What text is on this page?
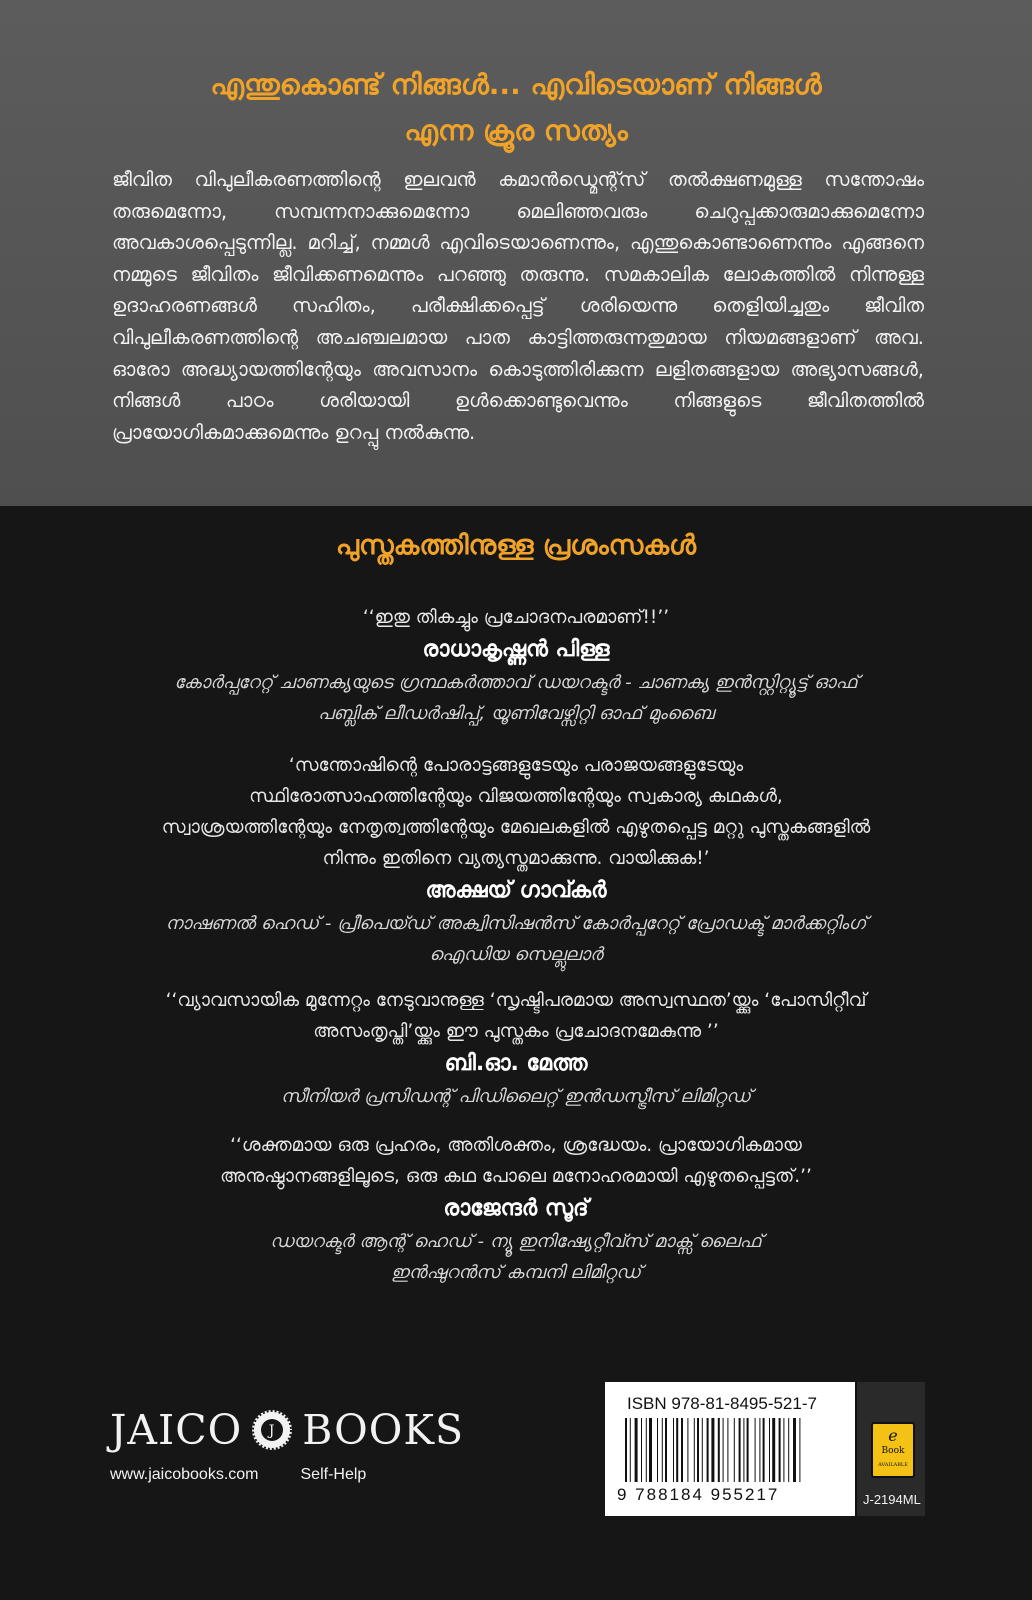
എന്തുകൊണ്ട് നിങ്ങൾ... എവിടെയാണ് നിങ്ങൾ
എന്ന ക്രൂര സത്യം
ജീവിത വിപുലീകരണത്തിന്റെ ഇലവൻ കമാൻഡ്മെന്റ്സ് തൽക്ഷണമുള്ള സന്തോഷം തരുമെന്നോ, സമ്പന്നനാക്കുമെന്നോ മെലിഞ്ഞവരും ചെറുപ്പക്കാരുമാക്കുമെന്നോ അവകാശപ്പെടുന്നില്ല. മറിച്ച്, നമ്മൾ എവിടെയാണെന്നും, എന്തുകൊണ്ടാണെന്നും എങ്ങനെ നമ്മുടെ ജീവിതം ജീവിക്കണമെന്നും പറഞ്ഞു തരുന്നു. സമകാലിക ലോകത്തിൽ നിന്നുള്ള ഉദാഹരണങ്ങൾ സഹിതം, പരീക്ഷിക്കപ്പെട്ട് ശരിയെന്നു തെളിയിച്ചതും ജീവിത വിപുലീകരണത്തിന്റെ അചഞ്ചലമായ പാത കാട്ടിത്തരുന്നതുമായ നിയമങ്ങളാണ് അവ. ഓരോ അദ്ധ്യായത്തിന്റേയും അവസാനം കൊടുത്തിരിക്കുന്ന ലളിതങ്ങളായ അഭ്യാസങ്ങൾ, നിങ്ങൾ പാഠം ശരിയായി ഉൾക്കൊണ്ടുവെന്നും നിങ്ങളുടെ ജീവിതത്തിൽ പ്രായോഗികമാക്കുമെന്നും ഉറപ്പു നൽകുന്നു.
പുസ്തകത്തിനുള്ള പ്രശംസകൾ
‘‘ഇതു തികച്ചും പ്രചോദനപരമാണ്!!’’
രാധാകൃഷ്ണൻ പിള്ള
കോർപ്പറേറ്റ് ചാണക്യയുടെ ഗ്രന്ഥകർത്താവ് ഡയറക്ടർ - ചാണക്യ ഇൻസ്റ്റിറ്റ്യൂട്ട് ഓഫ്
പബ്ലിക് ലീഡർഷിപ്പ്, യൂണിവേഴ്സിറ്റി ഓഫ് മുംബൈ
‘സന്തോഷിന്റെ പോരാട്ടങ്ങളുടേയും പരാജയങ്ങളുടേയും
സ്ഥിരോത്സാഹത്തിന്റേയും വിജയത്തിന്റേയും സ്വകാര്യ കഥകൾ,
സ്വാശ്രയത്തിന്റേയും നേതൃത്വത്തിന്റേയും മേഖലകളിൽ എഴുതപ്പെട്ട മറ്റു പുസ്തകങ്ങളിൽ
നിന്നും ഇതിനെ വ്യത്യസ്തമാക്കുന്നു. വായിക്കുക!’
അക്ഷയ് ഗാവ്കർ
നാഷണൽ ഹെഡ് - പ്രീപെയ്ഡ് അക്വിസിഷൻസ് കോർപ്പറേറ്റ് പ്രോഡക്ട് മാർക്കറ്റിംഗ്
ഐഡിയ സെല്ലുലാർ
‘‘വ്യാവസായിക മുന്നേറ്റം നേടുവാനുള്ള ‘സൃഷ്ടിപരമായ അസ്വസ്ഥത’യ്ക്കും ‘പോസിറ്റീവ്
അസംതൃപ്തി’യ്ക്കും ഈ പുസ്തകം പ്രചോദനമേകുന്നു ’’
ബി.ഓ. മേത്ത
സീനിയർ പ്രസിഡന്റ് പിഡിലൈറ്റ് ഇൻഡസ്ട്രീസ് ലിമിറ്റഡ്
‘‘ശക്തമായ ഒരു പ്രഹരം, അതിശക്തം, ശ്രദ്ധേയം. പ്രായോഗികമായ
അനുഷ്ഠാനങ്ങളിലൂടെ, ഒരു കഥ പോലെ മനോഹരമായി എഴുതപ്പെട്ടത്.’’
രാജേന്ദർ സൂദ്
ഡയറക്ടർ ആന്റ് ഹെഡ് - ന്യൂ ഇനിഷ്യേറ്റീവ്സ് മാക്സ് ലൈഫ്
ഇൻഷുറൻസ് കമ്പനി ലിമിറ്റഡ്
JAICO J BOOKS
www.jaicobooks.com	Self-Help
ISBN 978-81-8495-521-7
9 788184 955217
e
Book
AVAILABLE
J-2194ML
